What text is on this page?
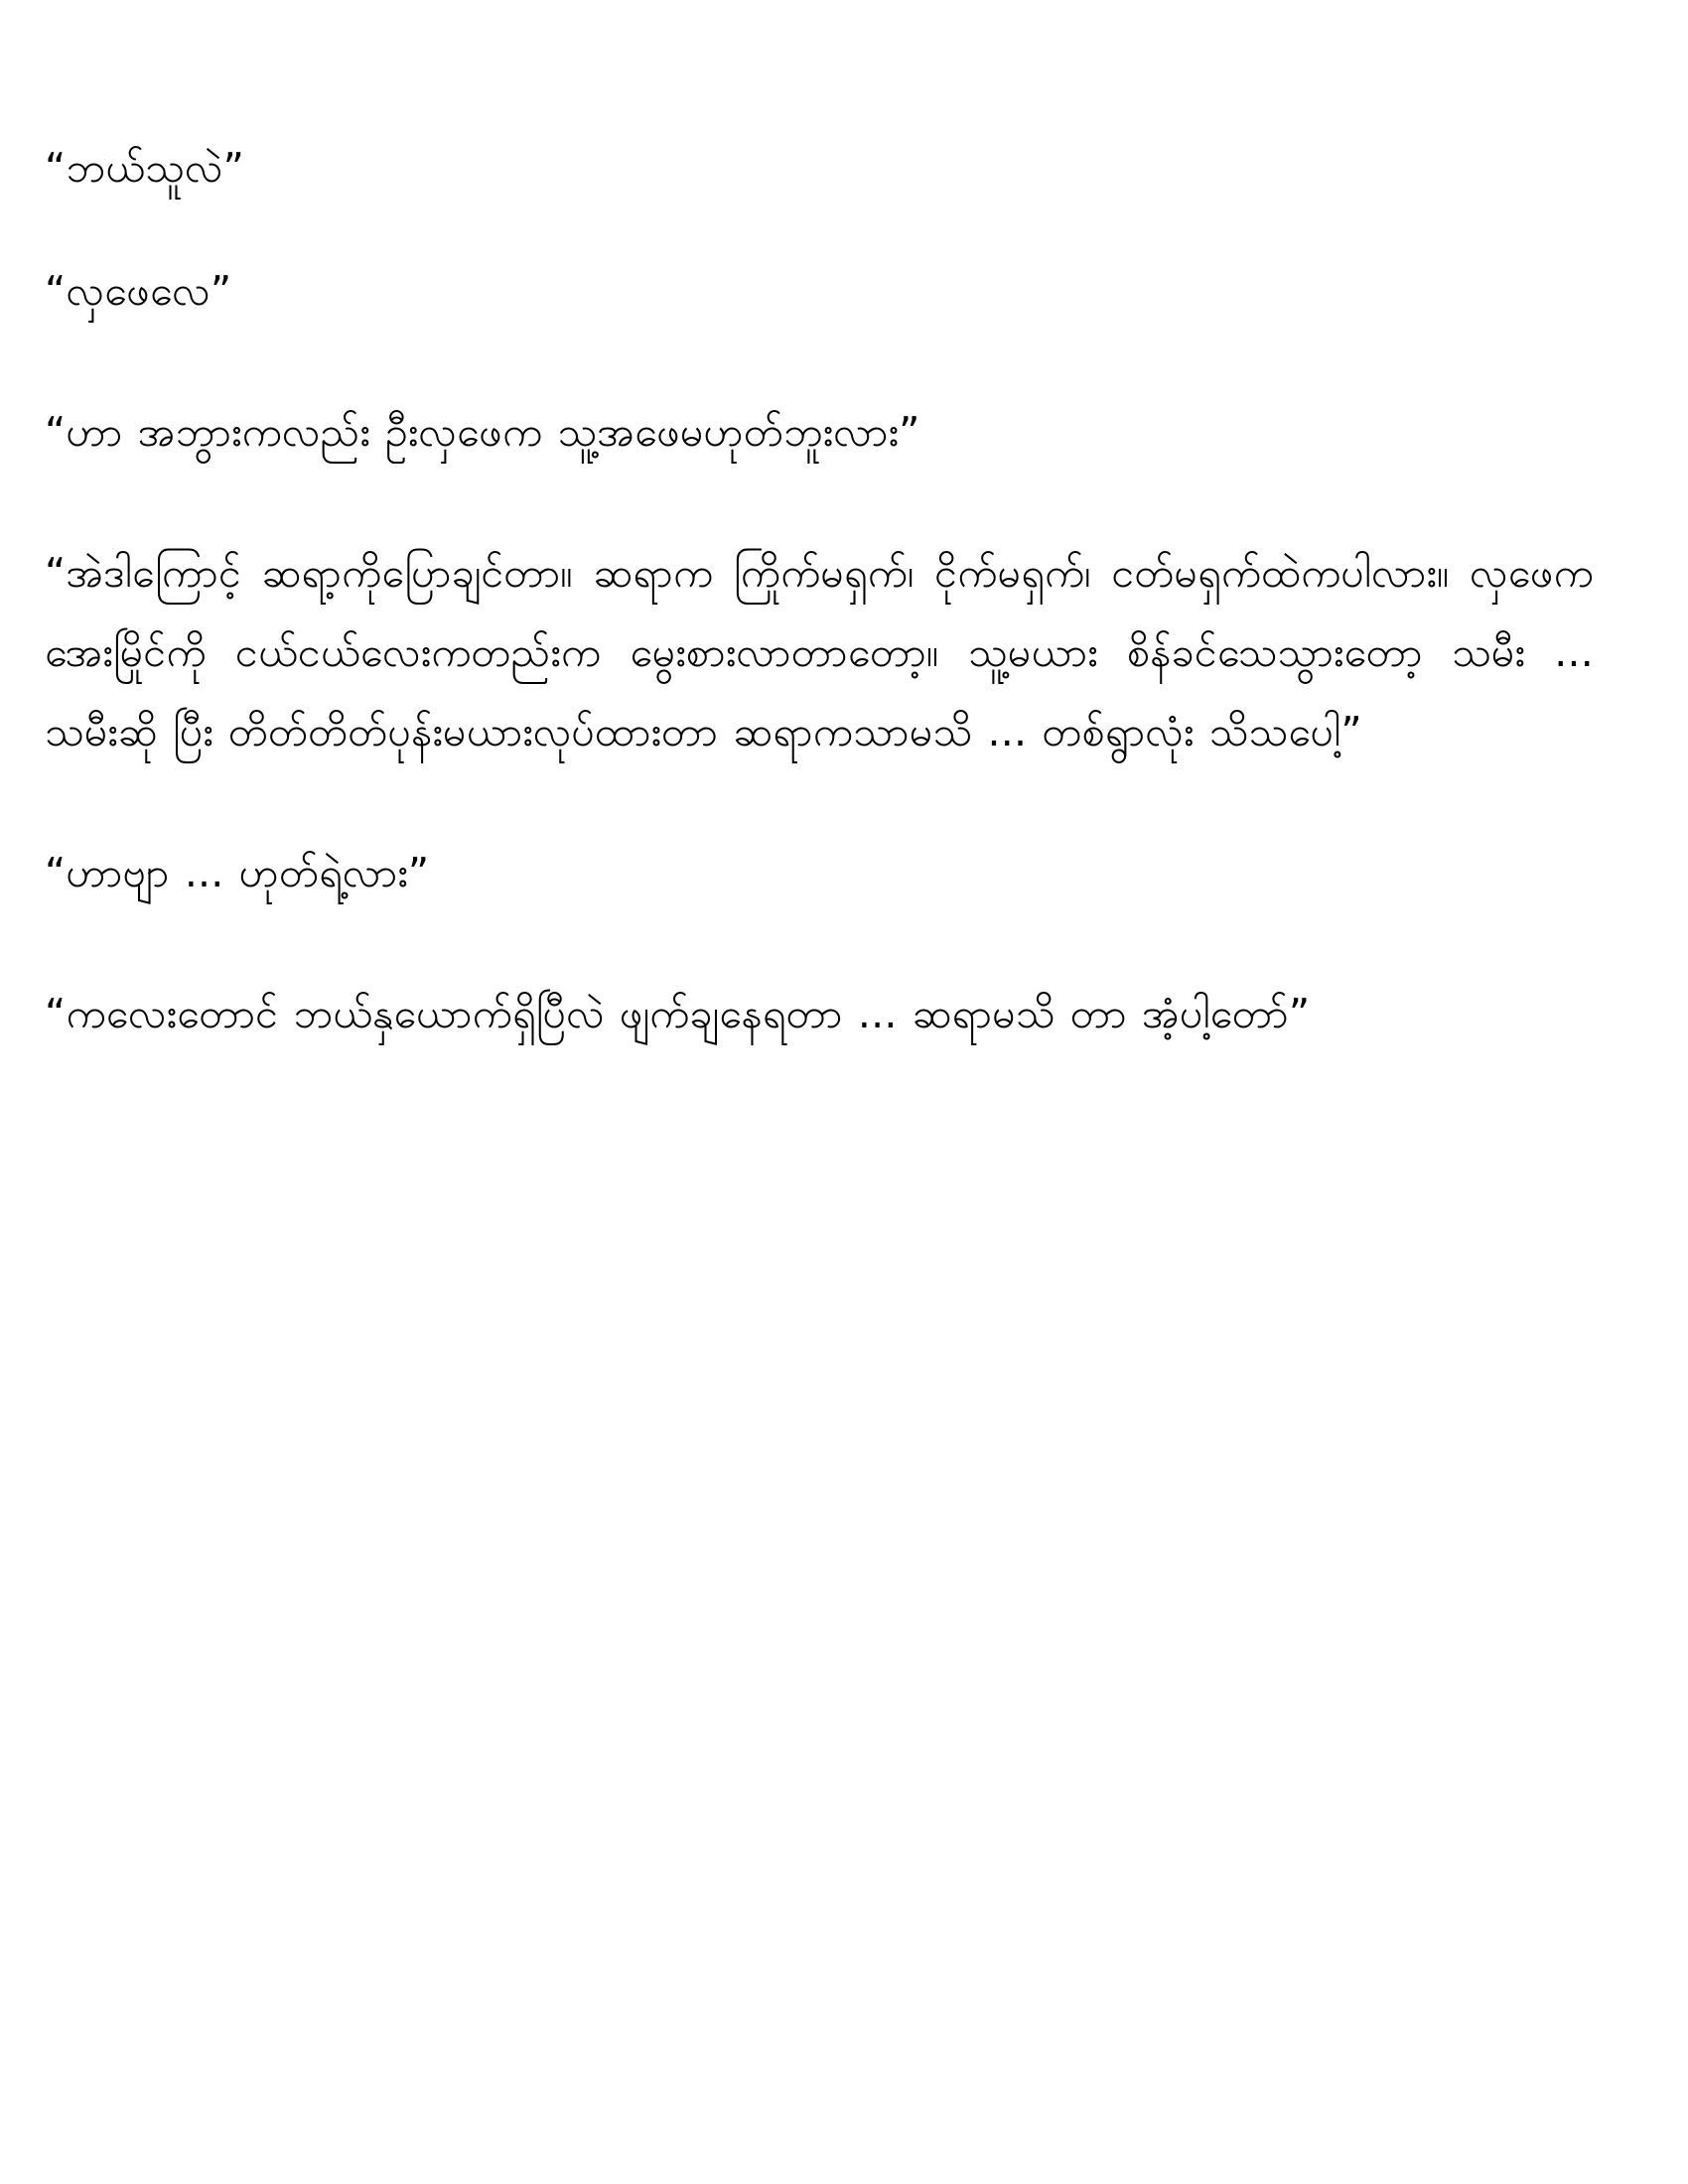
“ဘယ်သူလဲ”

“လှဖေလေ”

“ဟာ အဘွားကလည်း ဦးလှဖေက သူ့အဖေမဟုတ်ဘူးလား”

“အဲဒါကြောင့် ဆရာ့ကိုပြောချင်တာ။ ဆရာက ကြိုက်မရှက်၊ ငိုက်မရှက်၊ ငတ်မရှက်ထဲကပါလား။ လှဖေက အေးမြိုင်ကို ငယ်ငယ်လေးကတည်းက မွေးစားလာတာတော့။ သူ့မယား စိန်ခင်သေသွားတော့ သမီး ... သမီးဆို ပြီး တိတ်တိတ်ပုန်းမယားလုပ်ထားတာ ဆရာကသာမသိ ... တစ်ရွာလုံး သိသပေါ့”

“ဟာဗျာ ... ဟုတ်ရဲ့လား”

“ကလေးတောင် ဘယ်နှယောက်ရှိပြီလဲ ဖျက်ချနေရတာ ... ဆရာမသိ တာ အံ့ပါ့တော်”
